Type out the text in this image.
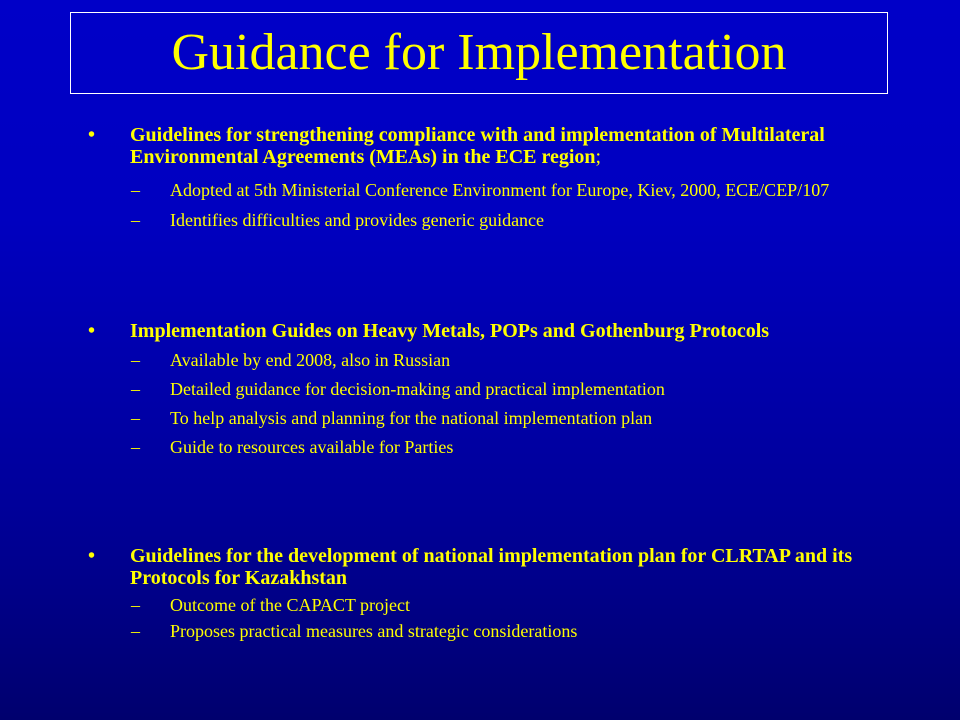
Guidance for Implementation
• Guidelines for strengthening compliance with and implementation of Multilateral Environmental Agreements (MEAs) in the ECE region;
– Adopted at 5th Ministerial Conference Environment for Europe, Kiev, 2000, ECE/CEP/107
– Identifies difficulties and provides generic guidance
• Implementation Guides on Heavy Metals, POPs and Gothenburg Protocols
– Available by end 2008, also in Russian
– Detailed guidance for decision-making and practical implementation
– To help analysis and planning for the national implementation plan
– Guide to resources available for Parties
• Guidelines for the development of national implementation plan for CLRTAP and its Protocols for Kazakhstan
– Outcome of the CAPACT project
– Proposes practical measures and strategic considerations
